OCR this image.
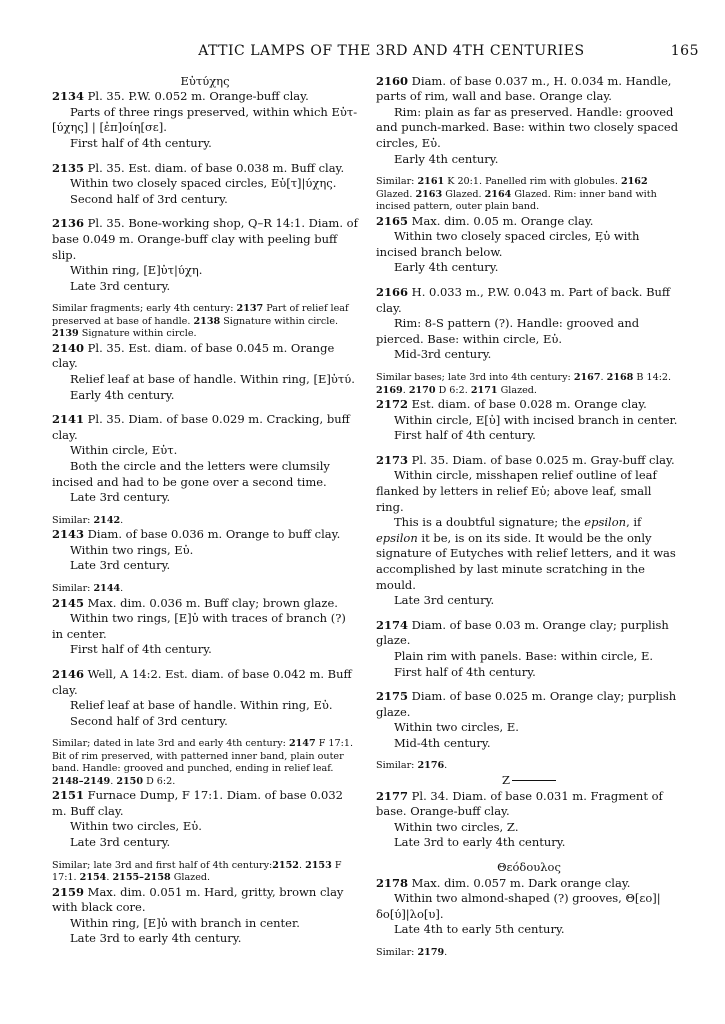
ATTIC LAMPS OF THE 3RD AND 4TH CENTURIES	165

Εὐτύχης

2134 Pl. 35. P.W. 0.052 m. Orange-buff clay.

Parts of three rings preserved, within which Εὐτ-

[ύχης] | [ἐπ]οίη[σε].

First half of 4th century.

2135 Pl. 35. Est. diam. of base 0.038 m. Buff clay.

Within two closely spaced circles, Εὐ[τ]|ύχης.

Second half of 3rd century.

2136 Pl. 35. Bone-working shop, Q–R 14:1. Diam. of base 0.049 m. Orange-buff clay with peeling buff slip.

Within ring, [Ε]ὐτ|ύχη.

Late 3rd century.

Similar fragments; early 4th century: 2137 Part of relief leaf preserved at base of handle. 2138 Signature within circle. 2139 Signature within circle.

2140 Pl. 35. Est. diam. of base 0.045 m. Orange clay.

Relief leaf at base of handle. Within ring, [Ε]ὐτύ.

Early 4th century.

2141 Pl. 35. Diam. of base 0.029 m. Cracking, buff clay.

Within circle, Εὐτ.

Both the circle and the letters were clumsily incised and had to be gone over a second time.

Late 3rd century.

Similar: 2142.

2143 Diam. of base 0.036 m. Orange to buff clay.

Within two rings, Εὐ.

Late 3rd century.

Similar: 2144.

2145 Max. dim. 0.036 m. Buff clay; brown glaze.

Within two rings, [Ε]ὐ with traces of branch (?) in center.

First half of 4th century.

2146 Well, A 14:2. Est. diam. of base 0.042 m. Buff clay.

Relief leaf at base of handle. Within ring, Εὐ.

Second half of 3rd century.

Similar; dated in late 3rd and early 4th century: 2147 F 17:1. Bit of rim preserved, with patterned inner band, plain outer band. Handle: grooved and punched, ending in relief leaf. 2148–2149. 2150 D 6:2.

2151 Furnace Dump, F 17:1. Diam. of base 0.032 m. Buff clay.

Within two circles, Εὐ.

Late 3rd century.

Similar; late 3rd and first half of 4th century:2152. 2153 F 17:1. 2154. 2155–2158 Glazed.

2159 Max. dim. 0.051 m. Hard, gritty, brown clay with black core.

Within ring, [Ε]ὐ with branch in center.

Late 3rd to early 4th century.

2160 Diam. of base 0.037 m., H. 0.034 m. Handle, parts of rim, wall and base. Orange clay.

Rim: plain as far as preserved. Handle: grooved and punch-marked. Base: within two closely spaced circles, Εὐ.

Early 4th century.

Similar: 2161 K 20:1. Panelled rim with globules. 2162 Glazed. 2163 Glazed. 2164 Glazed. Rim: inner band with incised pattern, outer plain band.

2165 Max. dim. 0.05 m. Orange clay.

Within two closely spaced circles, Ε̣ὐ with incised branch below.

Early 4th century.

2166 H. 0.033 m., P.W. 0.043 m. Part of back. Buff clay.

Rim: 8-S pattern (?). Handle: grooved and pierced. Base: within circle, Εὐ.

Mid-3rd century.

Similar bases; late 3rd into 4th century: 2167. 2168 B 14:2. 2169. 2170 D 6:2. 2171 Glazed.

2172 Est. diam. of base 0.028 m. Orange clay.

Within circle, Ε[ὐ] with incised branch in center.

First half of 4th century.

2173 Pl. 35. Diam. of base 0.025 m. Gray-buff clay.

Within circle, misshapen relief outline of leaf flanked by letters in relief Εὐ; above leaf, small ring.

This is a doubtful signature; the epsilon, if epsilon it be, is on its side. It would be the only signature of Eutyches with relief letters, and it was accomplished by last minute scratching in the mould.

Late 3rd century.

2174 Diam. of base 0.03 m. Orange clay; purplish glaze.

Plain rim with panels. Base: within circle, Ε.

First half of 4th century.

2175 Diam. of base 0.025 m. Orange clay; purplish glaze.

Within two circles, Ε.

Mid-4th century.

Similar: 2176.

Ζ

2177 Pl. 34. Diam. of base 0.031 m. Fragment of base. Orange-buff clay.

Within two circles, Ζ.

Late 3rd to early 4th century.

Θεόδουλος

2178 Max. dim. 0.057 m. Dark orange clay.

Within two almond-shaped (?) grooves, Θ[εο]| δο[ύ]|λο[υ].

Late 4th to early 5th century.

Similar: 2179.
